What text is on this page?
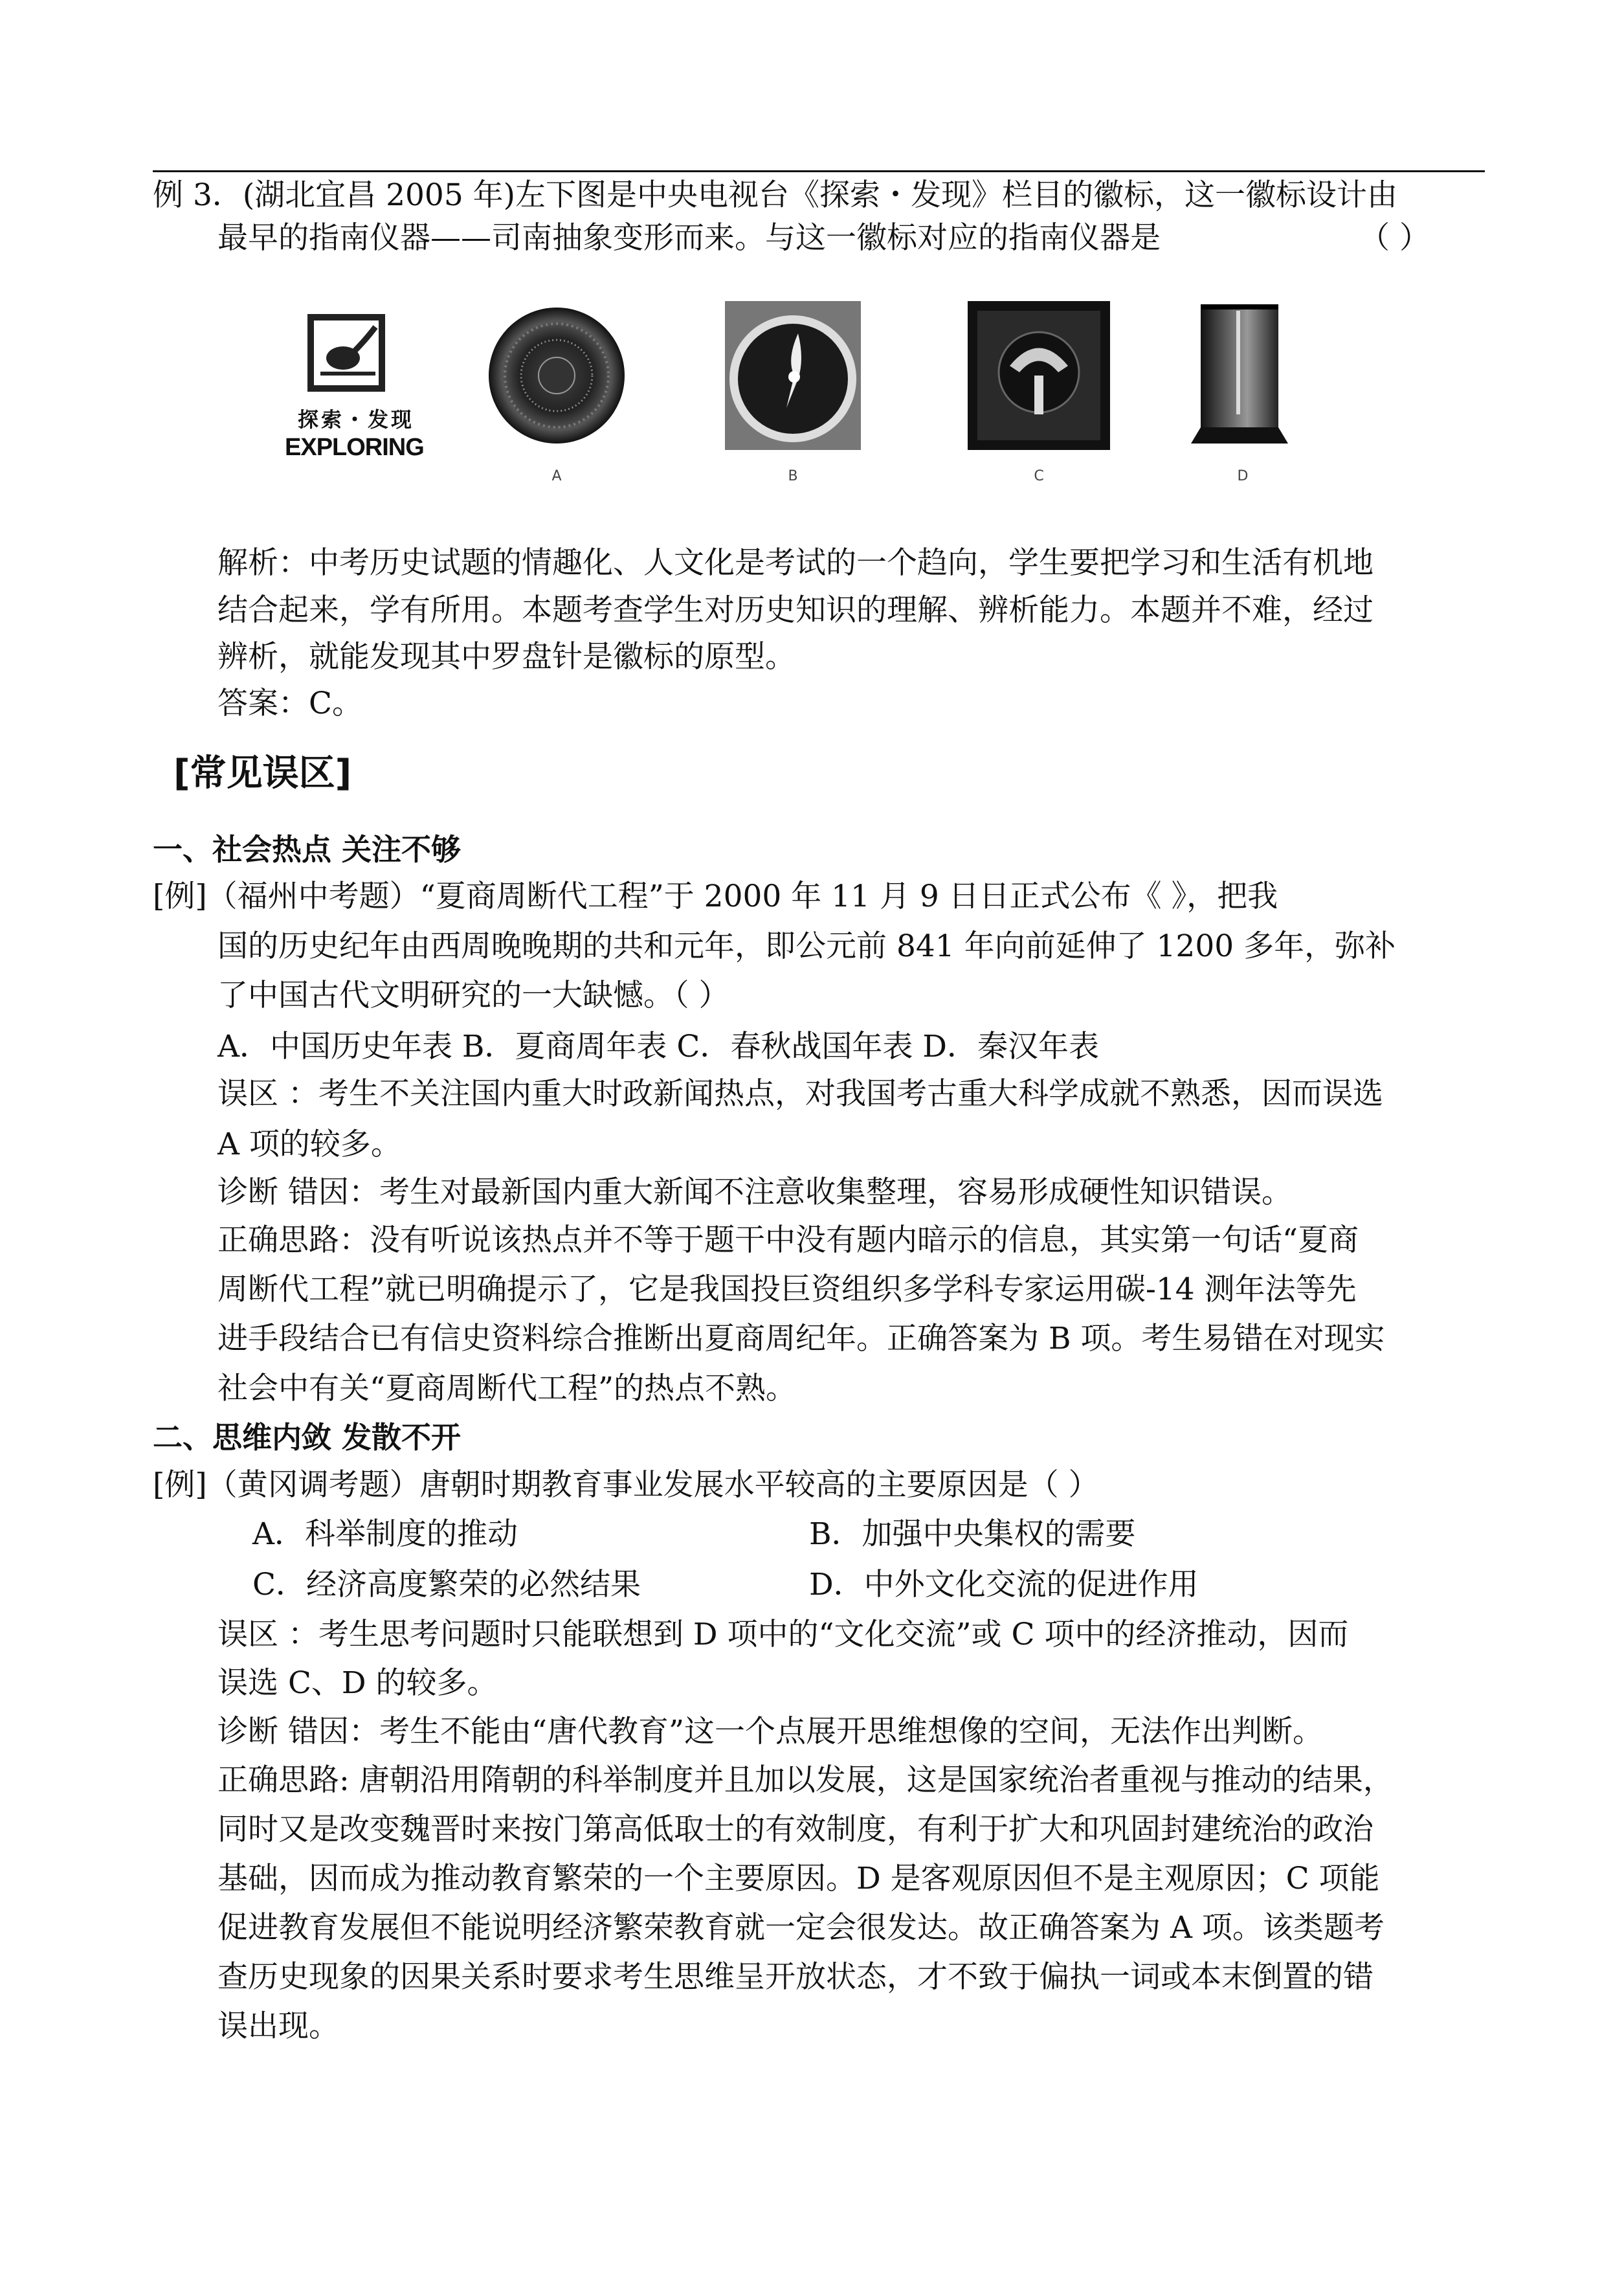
例 3．(湖北宜昌 2005 年)左下图是中央电视台《探索・发现》栏目的徽标，这一徽标设计由
最早的指南仪器——司南抽象变形而来。与这一徽标对应的指南仪器是	（ ）
探索・发现
EXPLORING
A	B	C	D
解析：中考历史试题的情趣化、人文化是考试的一个趋向，学生要把学习和生活有机地
结合起来，学有所用。本题考查学生对历史知识的理解、辨析能力。本题并不难，经过
辨析，就能发现其中罗盘针是徽标的原型。
答案：C。
[常见误区]
一、社会热点 关注不够
[例]（福州中考题）“夏商周断代工程”于 2000 年 11 月 9 日日正式公布《 》，把我
国的历史纪年由西周晚晚期的共和元年，即公元前 841 年向前延伸了 1200 多年，弥补
了中国古代文明研究的一大缺憾。（ ）
A．中国历史年表 B．夏商周年表 C．春秋战国年表 D．秦汉年表
误区 ：考生不关注国内重大时政新闻热点，对我国考古重大科学成就不熟悉，因而误选
A 项的较多。
诊断 错因：考生对最新国内重大新闻不注意收集整理，容易形成硬性知识错误。
正确思路：没有听说该热点并不等于题干中没有题内暗示的信息，其实第一句话“夏商
周断代工程”就已明确提示了，它是我国投巨资组织多学科专家运用碳-14 测年法等先
进手段结合已有信史资料综合推断出夏商周纪年。正确答案为 B 项。考生易错在对现实
社会中有关“夏商周断代工程”的热点不熟。
二、思维内敛 发散不开
[例]（黄冈调考题）唐朝时期教育事业发展水平较高的主要原因是（ ）
A．科举制度的推动	B．加强中央集权的需要
C．经济高度繁荣的必然结果	D．中外文化交流的促进作用
误区 ：考生思考问题时只能联想到 D 项中的“文化交流”或 C 项中的经济推动，因而
误选 C、D 的较多。
诊断 错因：考生不能由“唐代教育”这一个点展开思维想像的空间，无法作出判断。
正确思路: 唐朝沿用隋朝的科举制度并且加以发展，这是国家统治者重视与推动的结果，
同时又是改变魏晋时来按门第高低取士的有效制度，有利于扩大和巩固封建统治的政治
基础，因而成为推动教育繁荣的一个主要原因。D 是客观原因但不是主观原因；C 项能
促进教育发展但不能说明经济繁荣教育就一定会很发达。故正确答案为 A 项。该类题考
查历史现象的因果关系时要求考生思维呈开放状态，才不致于偏执一词或本末倒置的错
误出现。
